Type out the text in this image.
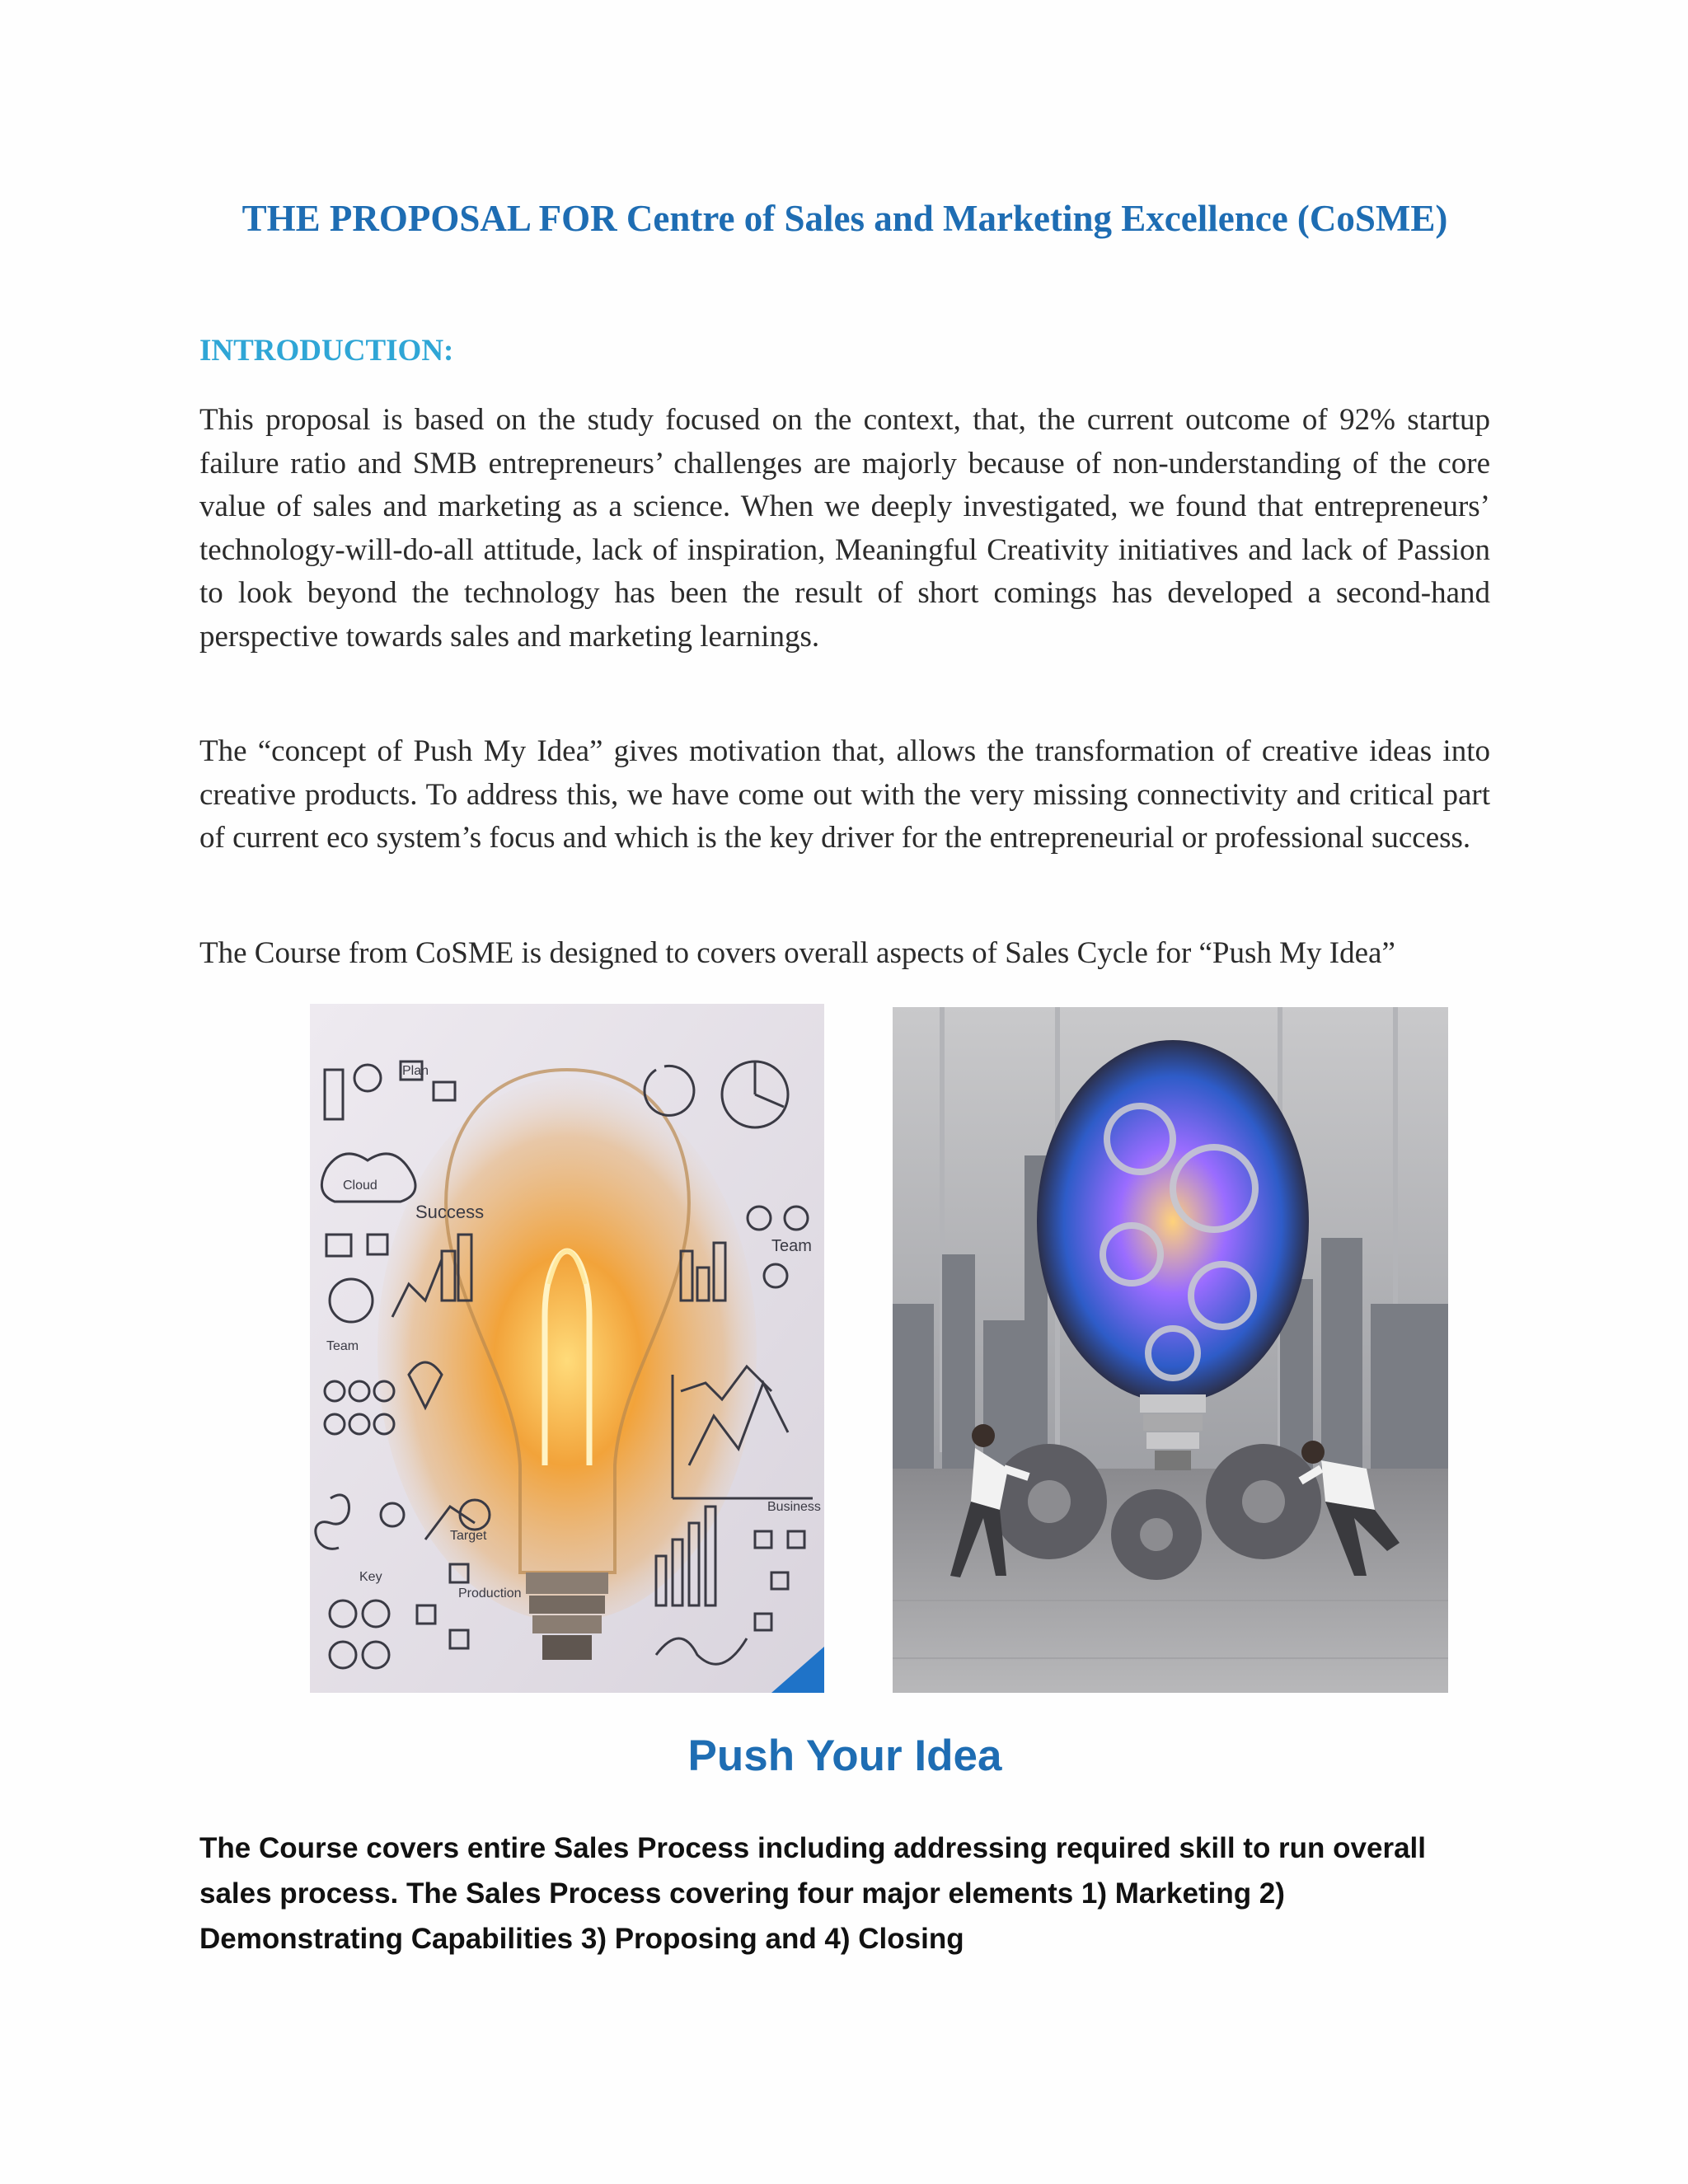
THE PROPOSAL FOR Centre of Sales and Marketing Excellence (CoSME)
INTRODUCTION:

This proposal is based on the study focused on the context, that, the current outcome of 92% startup failure ratio and SMB entrepreneurs’ challenges are majorly because of non-understanding of the core value of sales and marketing as a science. When we deeply investigated, we found that entrepreneurs’ technology-will-do-all attitude, lack of inspiration, Meaningful Creativity initiatives and lack of Passion to look beyond the technology has been the result of short comings has developed a second-hand perspective towards sales and marketing learnings.

The “concept of Push My Idea” gives motivation that, allows the transformation of creative ideas into creative products. To address this, we have come out with the very missing connectivity and critical part of current eco system’s focus and which is the key driver for the entrepreneurial or professional success.

The Course from CoSME is designed to covers overall aspects of Sales Cycle for “Push My Idea”

Plan
Cloud
Success
Team
Target
Key
Production
Team
Business
Push Your Idea

The Course covers entire Sales Process including addressing required skill to run overall sales process. The Sales Process covering four major elements 1) Marketing 2) Demonstrating Capabilities 3) Proposing and 4) Closing
